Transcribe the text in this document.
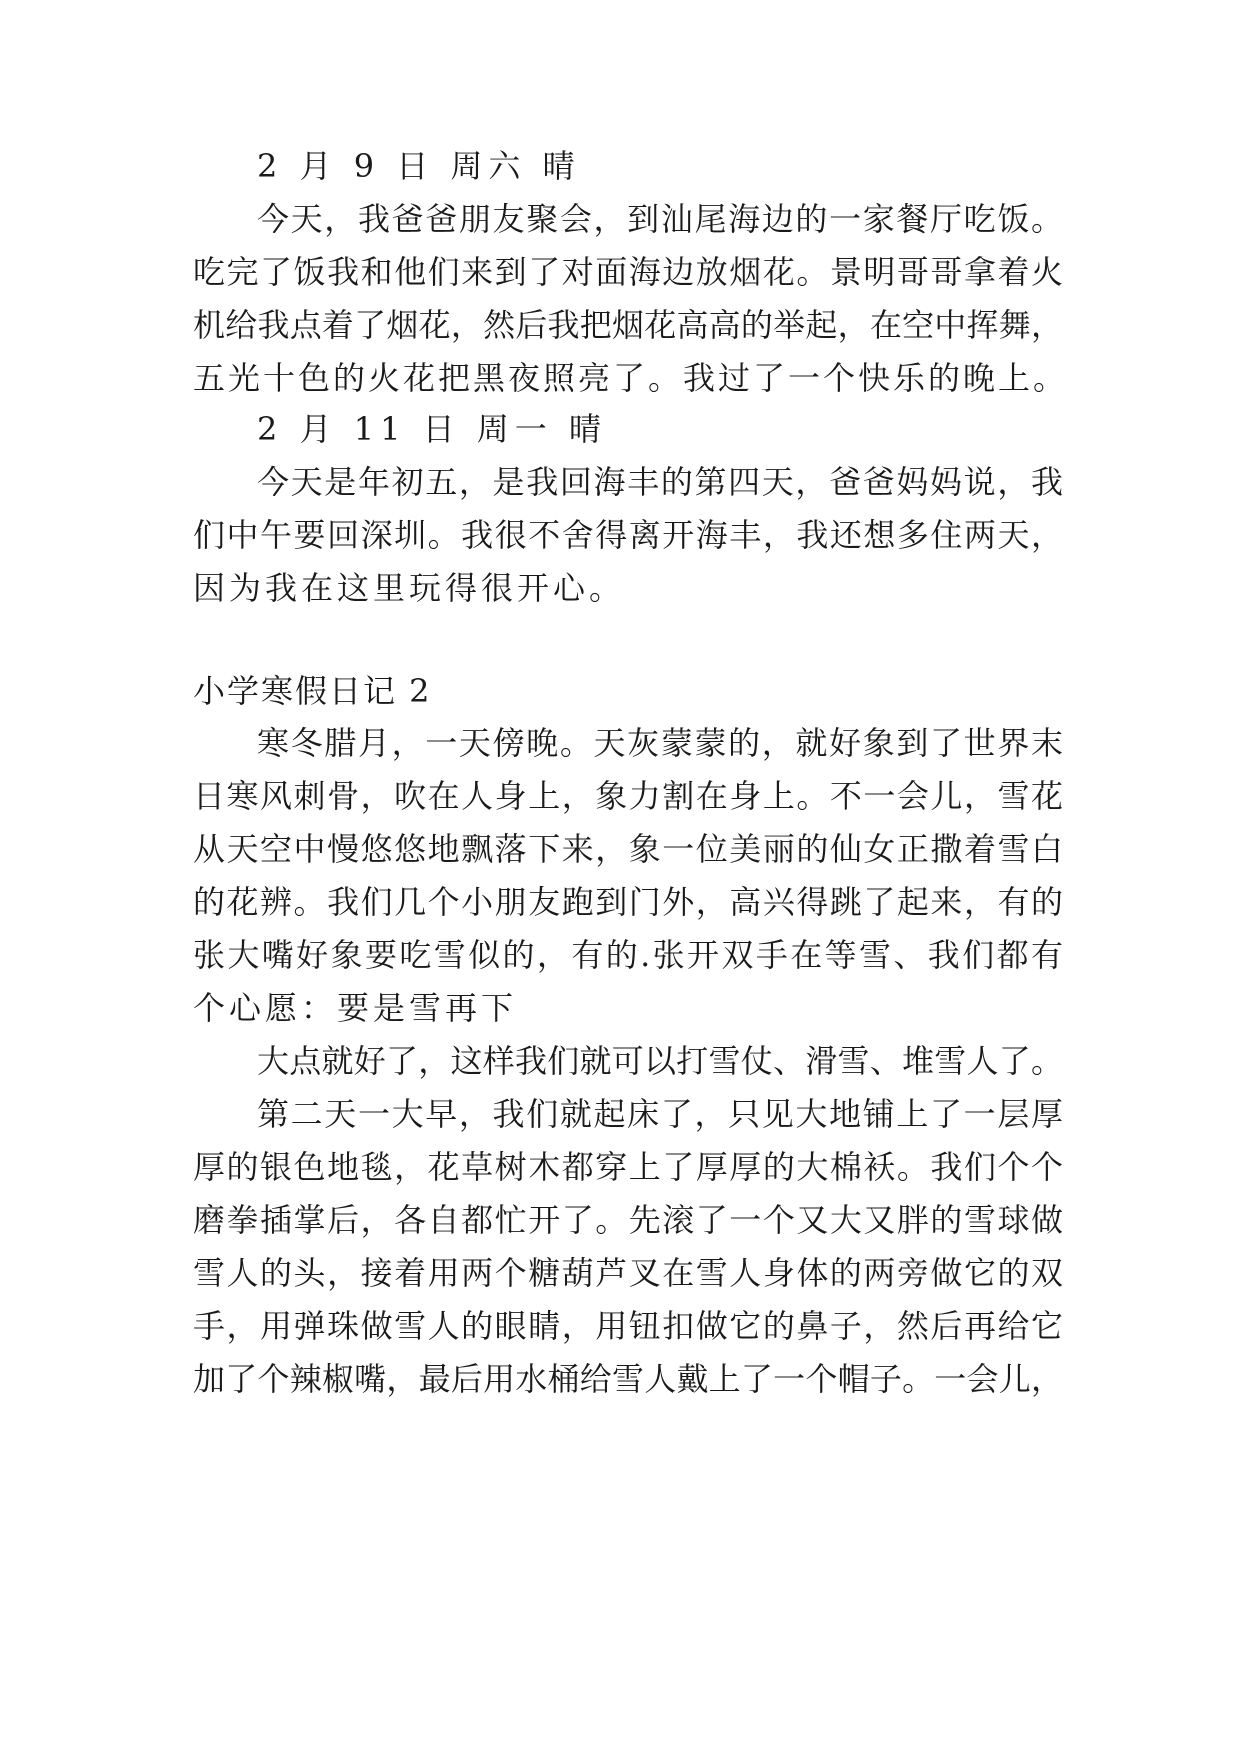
2 月 9 日 周六 晴

今天，我爸爸朋友聚会，到汕尾海边的一家餐厅吃饭。

吃完了饭我和他们来到了对面海边放烟花。景明哥哥拿着火

机给我点着了烟花，然后我把烟花高高的举起，在空中挥舞，

五光十色的火花把黑夜照亮了。我过了一个快乐的晚上。

2 月 11 日 周一 晴

今天是年初五，是我回海丰的第四天，爸爸妈妈说，我

们中午要回深圳。我很不舍得离开海丰，我还想多住两天，

因为我在这里玩得很开心。

小学寒假日记 2

寒冬腊月，一天傍晚。天灰蒙蒙的，就好象到了世界末

日寒风刺骨，吹在人身上，象力割在身上。不一会儿，雪花

从天空中慢悠悠地飘落下来，象一位美丽的仙女正撒着雪白

的花辨。我们几个小朋友跑到门外，高兴得跳了起来，有的

张大嘴好象要吃雪似的，有的.张开双手在等雪、我们都有

个心愿：要是雪再下

大点就好了，这样我们就可以打雪仗、滑雪、堆雪人了。

第二天一大早，我们就起床了，只见大地铺上了一层厚

厚的银色地毯，花草树木都穿上了厚厚的大棉袄。我们个个

磨拳插掌后，各自都忙开了。先滚了一个又大又胖的雪球做

雪人的头，接着用两个糖葫芦叉在雪人身体的两旁做它的双

手，用弹珠做雪人的眼睛，用钮扣做它的鼻子，然后再给它

加了个辣椒嘴，最后用水桶给雪人戴上了一个帽子。一会儿，
